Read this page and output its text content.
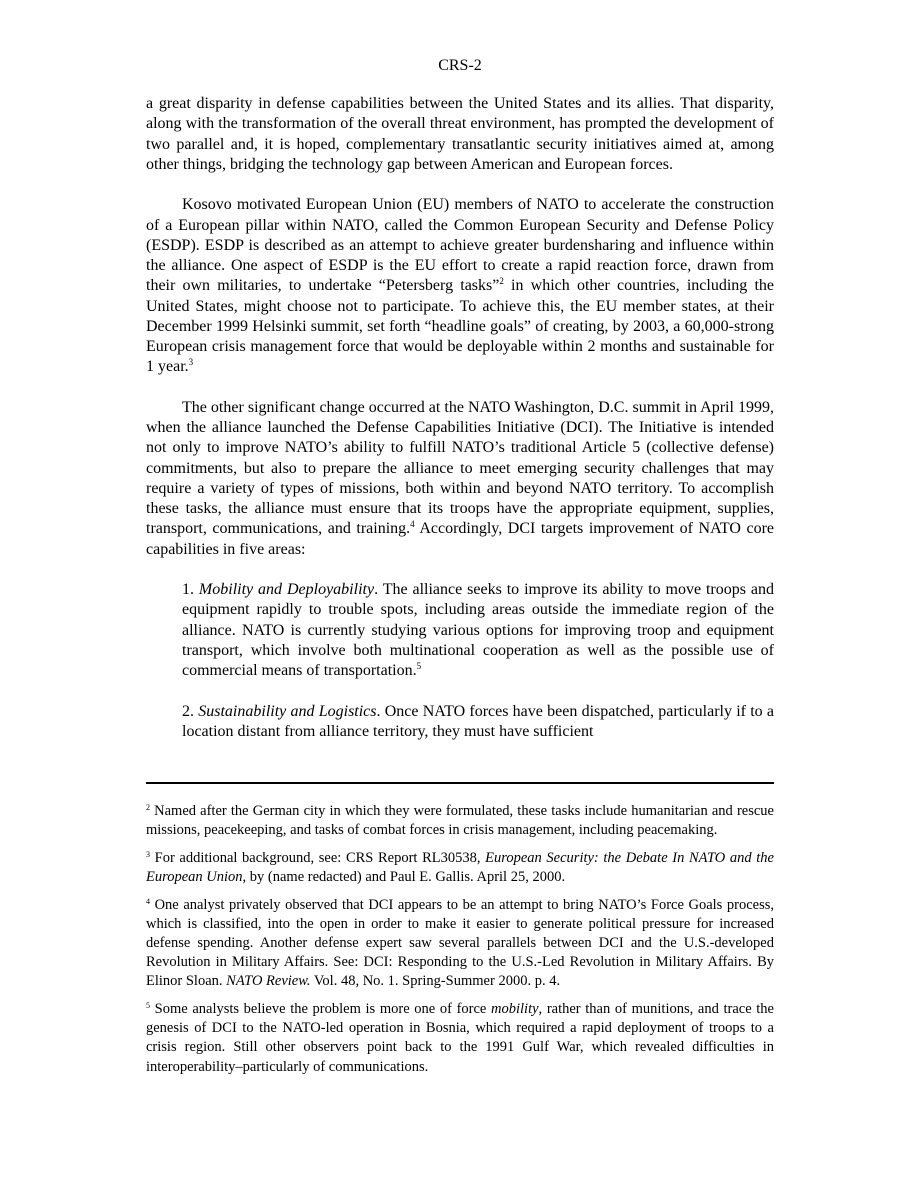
CRS-2

a great disparity in defense capabilities between the United States and its allies. That disparity, along with the transformation of the overall threat environment, has prompted the development of two parallel and, it is hoped, complementary transatlantic security initiatives aimed at, among other things, bridging the technology gap between American and European forces.

Kosovo motivated European Union (EU) members of NATO to accelerate the construction of a European pillar within NATO, called the Common European Security and Defense Policy (ESDP). ESDP is described as an attempt to achieve greater burdensharing and influence within the alliance. One aspect of ESDP is the EU effort to create a rapid reaction force, drawn from their own militaries, to undertake “Petersberg tasks”$^2$ in which other countries, including the United States, might choose not to participate. To achieve this, the EU member states, at their December 1999 Helsinki summit, set forth “headline goals” of creating, by 2003, a 60,000-strong European crisis management force that would be deployable within 2 months and sustainable for 1 year.$^3$

The other significant change occurred at the NATO Washington, D.C. summit in April 1999, when the alliance launched the Defense Capabilities Initiative (DCI). The Initiative is intended not only to improve NATO’s ability to fulfill NATO’s traditional Article 5 (collective defense) commitments, but also to prepare the alliance to meet emerging security challenges that may require a variety of types of missions, both within and beyond NATO territory. To accomplish these tasks, the alliance must ensure that its troops have the appropriate equipment, supplies, transport, communications, and training.$^4$ Accordingly, DCI targets improvement of NATO core capabilities in five areas:

1. Mobility and Deployability. The alliance seeks to improve its ability to move troops and equipment rapidly to trouble spots, including areas outside the immediate region of the alliance. NATO is currently studying various options for improving troop and equipment transport, which involve both multinational cooperation as well as the possible use of commercial means of transportation.$^5$

2. Sustainability and Logistics. Once NATO forces have been dispatched, particularly if to a location distant from alliance territory, they must have sufficient

$^2$ Named after the German city in which they were formulated, these tasks include humanitarian and rescue missions, peacekeeping, and tasks of combat forces in crisis management, including peacemaking.

$^3$ For additional background, see: CRS Report RL30538, European Security: the Debate In NATO and the European Union, by (name redacted) and Paul E. Gallis. April 25, 2000.

$^4$ One analyst privately observed that DCI appears to be an attempt to bring NATO’s Force Goals process, which is classified, into the open in order to make it easier to generate political pressure for increased defense spending. Another defense expert saw several parallels between DCI and the U.S.-developed Revolution in Military Affairs. See: DCI: Responding to the U.S.-Led Revolution in Military Affairs. By Elinor Sloan. NATO Review. Vol. 48, No. 1. Spring-Summer 2000. p. 4.

$^5$ Some analysts believe the problem is more one of force mobility, rather than of munitions, and trace the genesis of DCI to the NATO-led operation in Bosnia, which required a rapid deployment of troops to a crisis region. Still other observers point back to the 1991 Gulf War, which revealed difficulties in interoperability–particularly of communications.
